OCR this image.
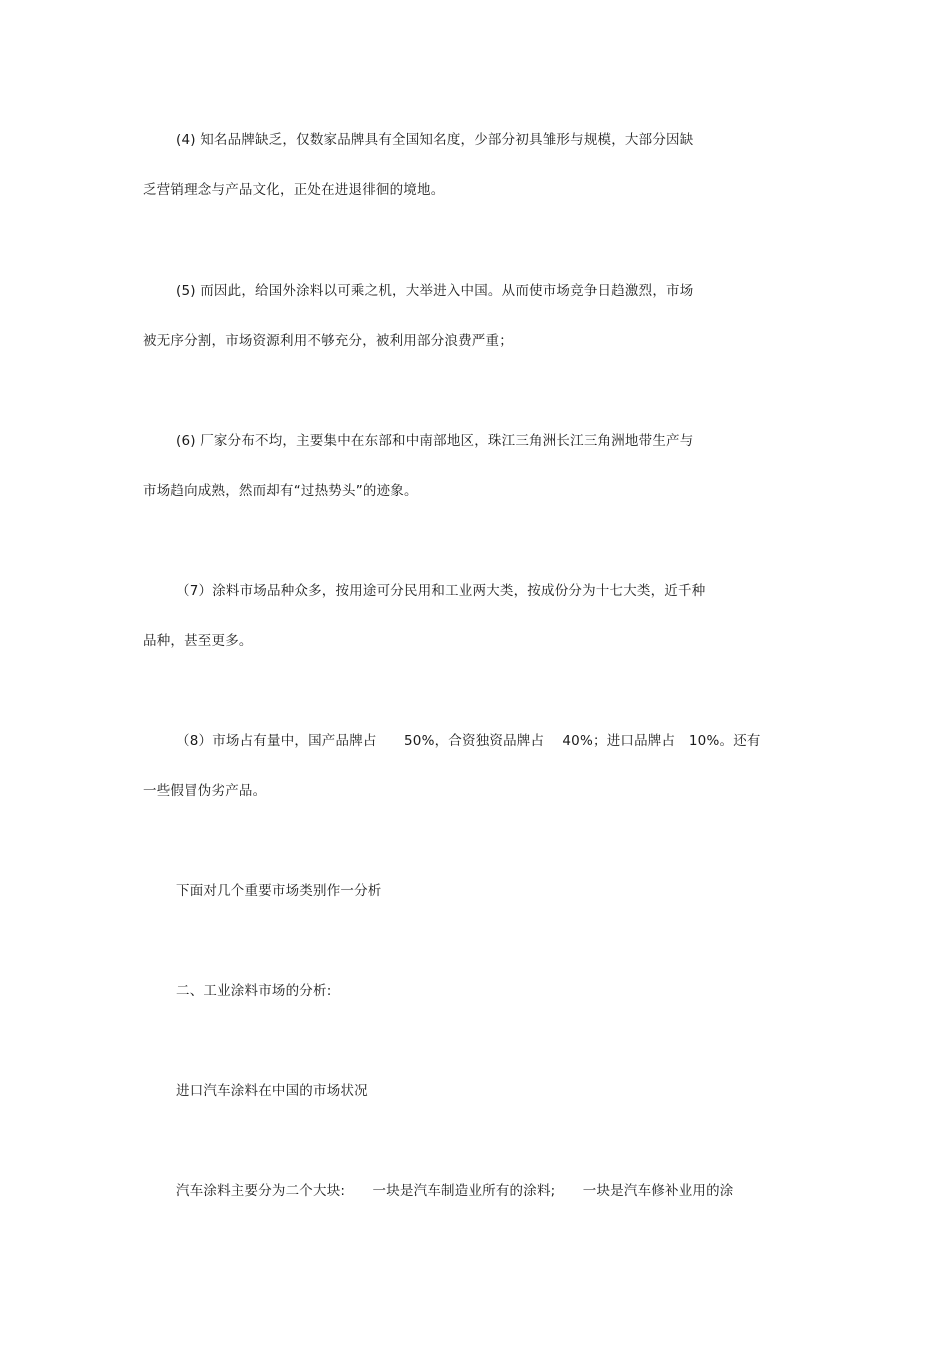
(4) 知名品牌缺乏，仅数家品牌具有全国知名度，少部分初具雏形与规模，大部分因缺
乏营销理念与产品文化，正处在进退徘徊的境地。
(5) 而因此，给国外涂料以可乘之机，大举进入中国。从而使市场竞争日趋激烈，市场
被无序分割，市场资源利用不够充分，被利用部分浪费严重；
(6) 厂家分布不均，主要集中在东部和中南部地区，珠江三角洲长江三角洲地带生产与
市场趋向成熟，然而却有“过热势头”的迹象。
（7）涂料市场品种众多，按用途可分民用和工业两大类，按成份分为十七大类，近千种
品种，甚至更多。
（8）市场占有量中，国产品牌占　　50%，合资独资品牌占　 40%；进口品牌占　10%。还有
一些假冒伪劣产品。
下面对几个重要市场类别作一分析
二、工业涂料市场的分析:
进口汽车涂料在中国的市场状况
汽车涂料主要分为二个大块:　　一块是汽车制造业所有的涂料;　　一块是汽车修补业用的涂
